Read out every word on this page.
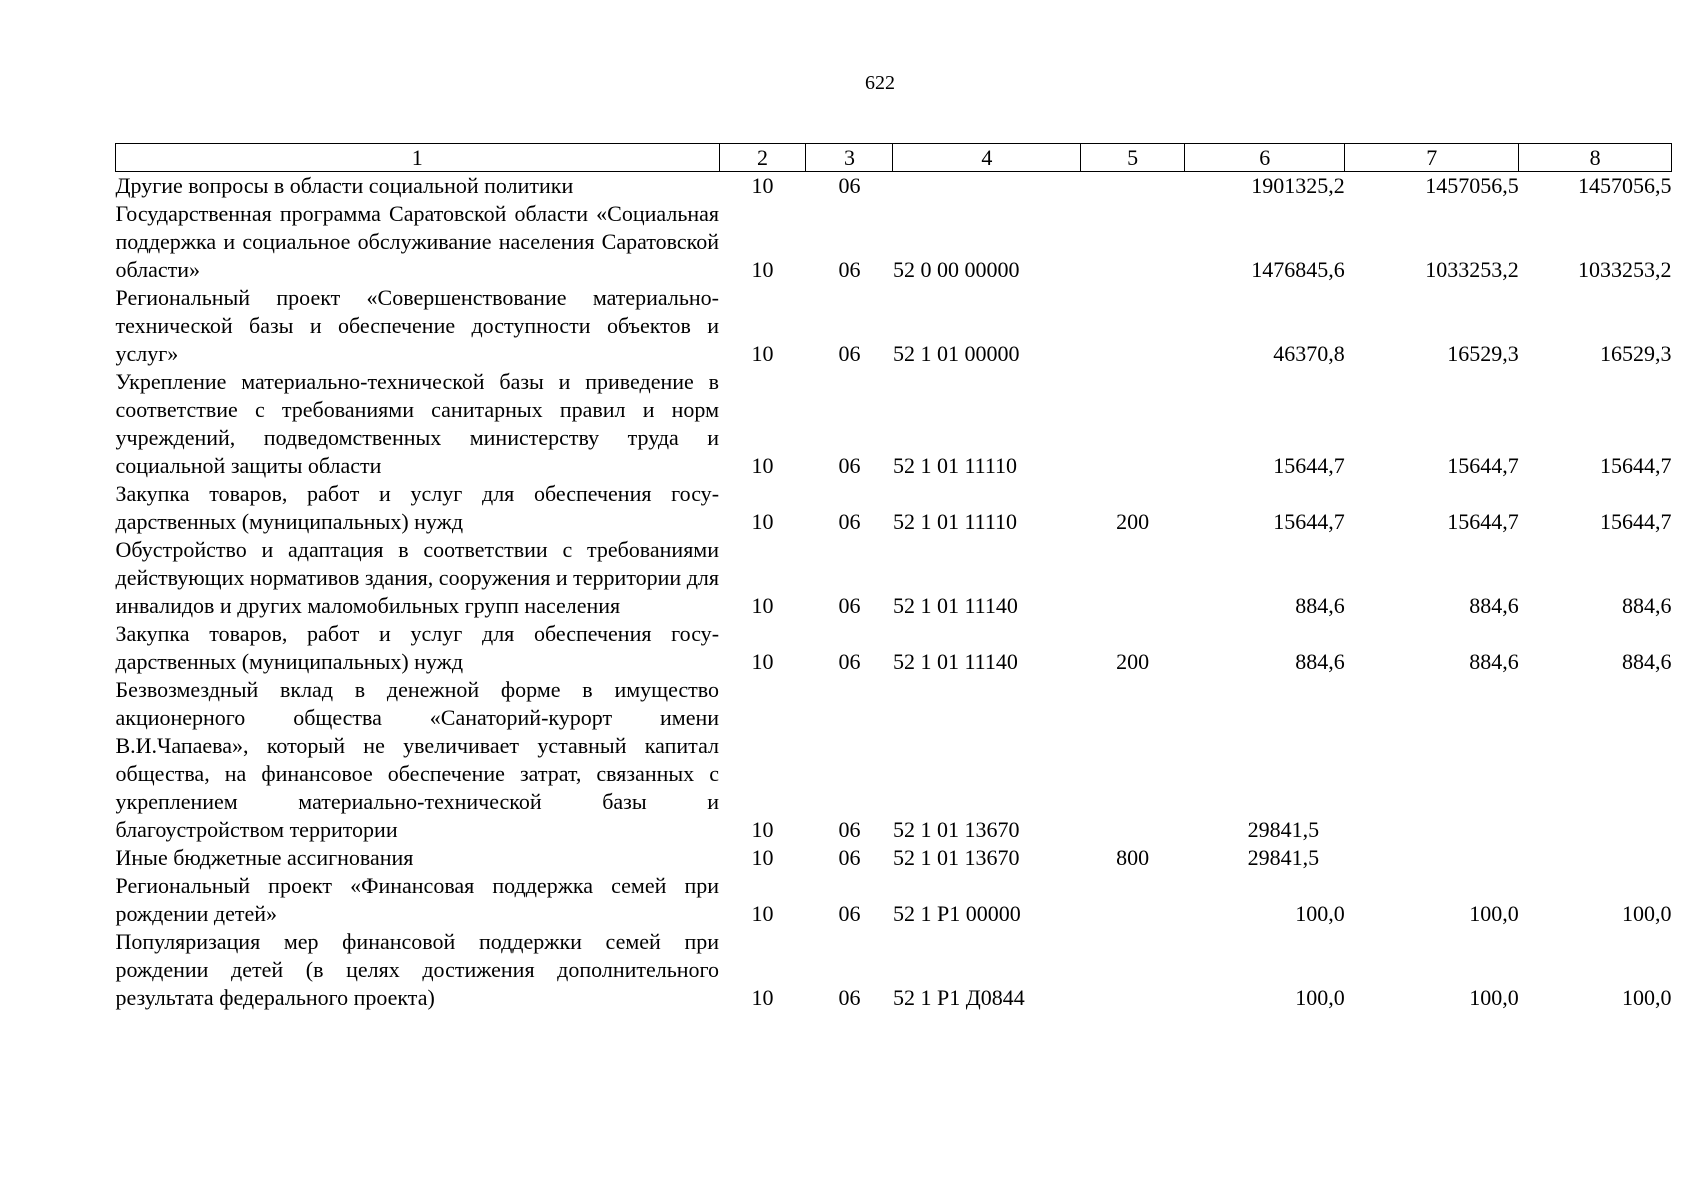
622
1	2	3	4	5	6	7	8
Другие вопросы в области социальной политики	10	06			1901325,2	1457056,5	1457056,5
Государственная программа Саратовской области «Социальная поддержка и социальное обслуживание населения Саратовской области»	10	06	52 0 00 00000		1476845,6	1033253,2	1033253,2
Региональный проект «Совершенствование материально-технической базы и обеспечение доступности объектов и услуг»	10	06	52 1 01 00000		46370,8	16529,3	16529,3
Укрепление материально-технической базы и приведение в соответствие с требованиями санитарных правил и норм учреждений, подведомственных министерству труда и социальной защиты области	10	06	52 1 01 11110		15644,7	15644,7	15644,7
Закупка товаров, работ и услуг для обеспечения государственных (муниципальных) нужд	10	06	52 1 01 11110	200	15644,7	15644,7	15644,7
Обустройство и адаптация в соответствии с требованиями действующих нормативов здания, сооружения и территории для инвалидов и других маломобильных групп населения	10	06	52 1 01 11140		884,6	884,6	884,6
Закупка товаров, работ и услуг для обеспечения государственных (муниципальных) нужд	10	06	52 1 01 11140	200	884,6	884,6	884,6
Безвозмездный вклад в денежной форме в имущество акционерного общества «Санаторий-курорт имени В.И.Чапаева», который не увеличивает уставный капитал общества, на финансовое обеспечение затрат, связанных с укреплением материально-технической базы и благоустройством территории	10	06	52 1 01 13670		29841,5		
Иные бюджетные ассигнования	10	06	52 1 01 13670	800	29841,5		
Региональный проект «Финансовая поддержка семей при рождении детей»	10	06	52 1 Р1 00000		100,0	100,0	100,0
Популяризация мер финансовой поддержки семей при рождении детей (в целях достижения дополнительного результата федерального проекта)	10	06	52 1 Р1 Д0844		100,0	100,0	100,0
